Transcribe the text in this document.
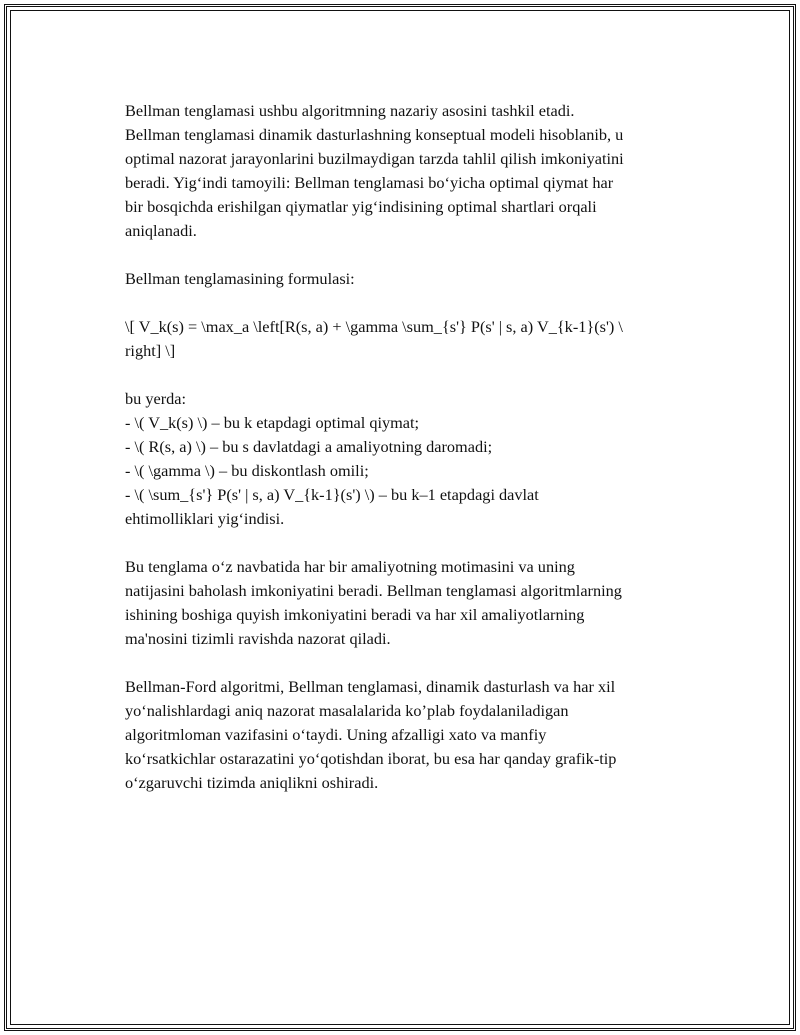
Bellman tenglamasi ushbu algoritmning nazariy asosini tashkil etadi.
Bellman tenglamasi dinamik dasturlashning konseptual modeli hisoblanib, u
optimal nazorat jarayonlarini buzilmaydigan tarzda tahlil qilish imkoniyatini
beradi. Yig‘indi tamoyili: Bellman tenglamasi bo‘yicha optimal qiymat har
bir bosqichda erishilgan qiymatlar yig‘indisining optimal shartlari orqali
aniqlanadi.

Bellman tenglamasining formulasi:

\[ V_k(s) = \max_a \left[R(s, a) + \gamma \sum_{s'} P(s' | s, a) V_{k-1}(s') \
right] \]

bu yerda:
- \( V_k(s) \) – bu k etapdagi optimal qiymat;
- \( R(s, a) \) – bu s davlatdagi a amaliyotning daromadi;
- \( \gamma \) – bu diskontlash omili;
- \( \sum_{s'} P(s' | s, a) V_{k-1}(s') \) – bu k–1 etapdagi davlat
ehtimolliklari yig‘indisi.

Bu tenglama o‘z navbatida har bir amaliyotning motimasini va uning
natijasini baholash imkoniyatini beradi. Bellman tenglamasi algoritmlarning
ishining boshiga quyish imkoniyatini beradi va har xil amaliyotlarning
ma'nosini tizimli ravishda nazorat qiladi.

Bellman-Ford algoritmi, Bellman tenglamasi, dinamik dasturlash va har xil
yo‘nalishlardagi aniq nazorat masalalarida ko’plab foydalaniladigan
algoritmloman vazifasini o‘taydi. Uning afzalligi xato va manfiy
ko‘rsatkichlar ostarazatini yo‘qotishdan iborat, bu esa har qanday grafik-tip
o‘zgaruvchi tizimda aniqlikni oshiradi.
